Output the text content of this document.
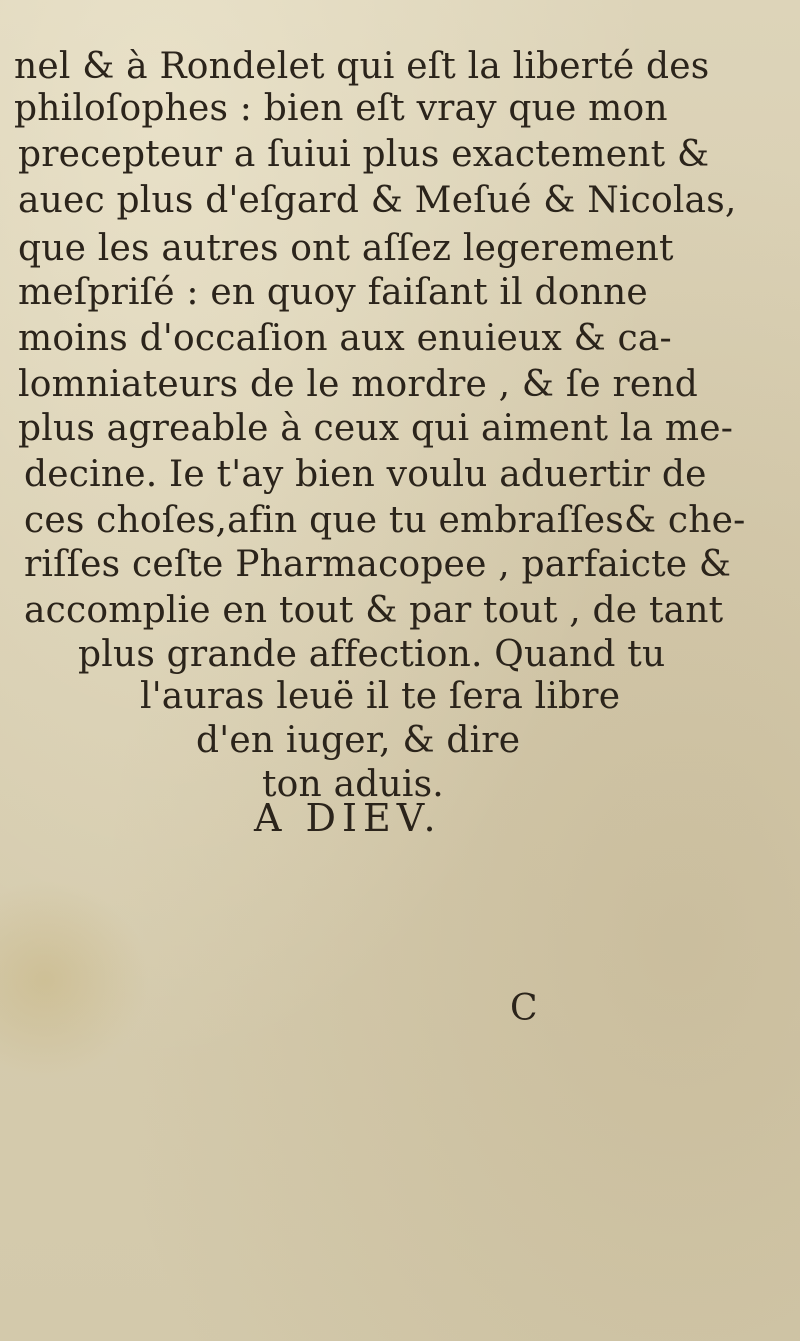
nel & à Rondelet qui eſt la liberté des
philoſophes : bien eſt vray que mon
precepteur a ſuiui plus exactement &
auec plus d'eſgard & Meſué & Nicolas,
que les autres ont aſſez legerement
meſpriſé : en quoy faiſant il donne
moins d'occaſion aux enuieux & ca-
lomniateurs de le mordre , & ſe rend
plus agreable à ceux qui aiment la me-
decine. Ie t'ay bien voulu aduertir de
ces choſes,afin que tu embraſſes& che-
riſſes ceſte Pharmacopee , parfaicte &
accomplie en tout & par tout , de tant
plus grande affection. Quand tu
l'auras leuë il te ſera libre
d'en iuger, & dire
ton aduis.
A DIEV.
C
